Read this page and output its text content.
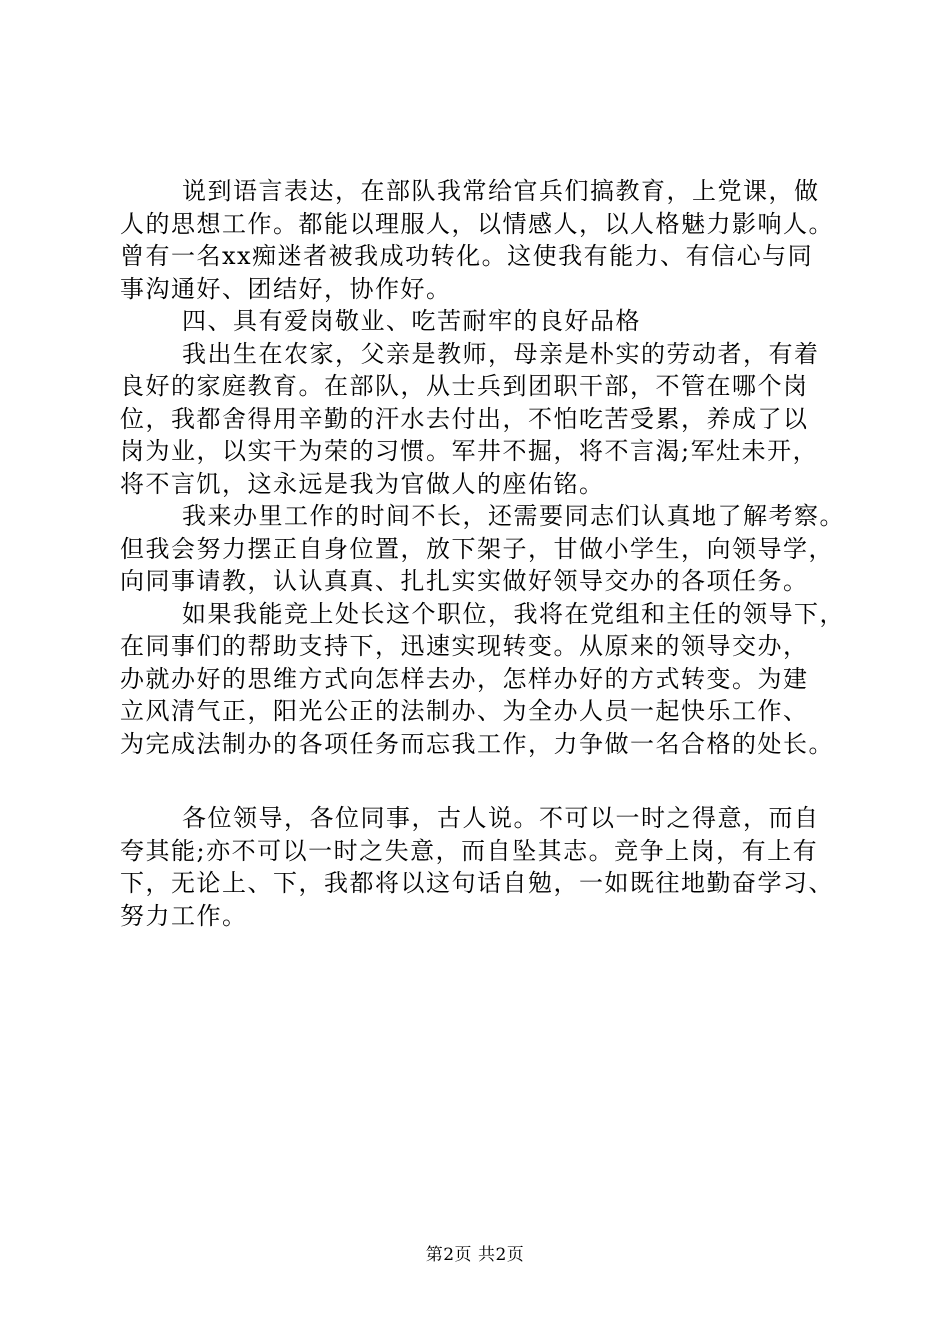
说到语言表达，在部队我常给官兵们搞教育，上党课，做
人的思想工作。都能以理服人，以情感人，以人格魅力影响人。
曾有一名xx痴迷者被我成功转化。这使我有能力、有信心与同
事沟通好、团结好，协作好。
四、具有爱岗敬业、吃苦耐牢的良好品格
我出生在农家，父亲是教师，母亲是朴实的劳动者，有着
良好的家庭教育。在部队，从士兵到团职干部，不管在哪个岗
位，我都舍得用辛勤的汗水去付出，不怕吃苦受累，养成了以
岗为业，以实干为荣的习惯。军井不掘，将不言渴;军灶未开，
将不言饥，这永远是我为官做人的座佑铭。
我来办里工作的时间不长，还需要同志们认真地了解考察。
但我会努力摆正自身位置，放下架子，甘做小学生，向领导学，
向同事请教，认认真真、扎扎实实做好领导交办的各项任务。
如果我能竞上处长这个职位，我将在党组和主任的领导下，
在同事们的帮助支持下，迅速实现转变。从原来的领导交办，
办就办好的思维方式向怎样去办，怎样办好的方式转变。为建
立风清气正，阳光公正的法制办、为全办人员一起快乐工作、
为完成法制办的各项任务而忘我工作，力争做一名合格的处长。
各位领导，各位同事，古人说。不可以一时之得意，而自
夸其能;亦不可以一时之失意，而自坠其志。竞争上岗，有上有
下，无论上、下，我都将以这句话自勉，一如既往地勤奋学习、
努力工作。
第2页 共2页
